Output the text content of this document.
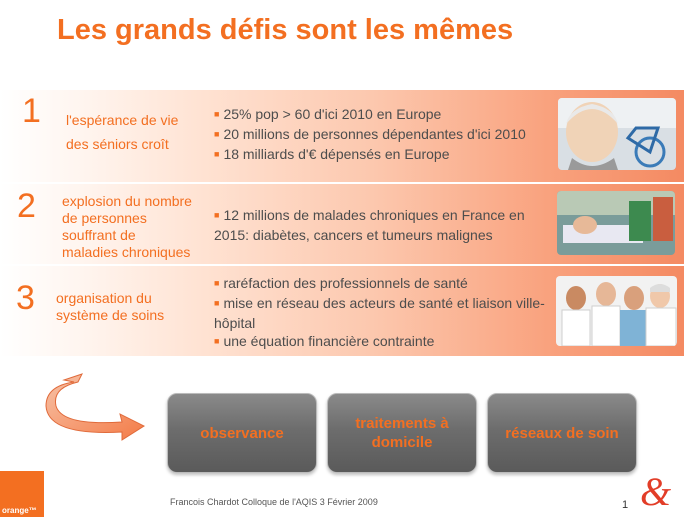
Les grands défis sont les mêmes
1 l'espérance de vie
des séniors croît
■ 25% pop > 60 d'ici 2010 en Europe
■ 20 millions de personnes dépendantes d'ici 2010
■ 18 milliards d'€ dépensés en Europe
2 explosion du nombre
de personnes
souffrant de
maladies chroniques
■ 12 millions de malades chroniques en France en 2015: diabètes, cancers et tumeurs malignes
3 organisation du
système de soins
■ raréfaction des professionnels de santé
■ mise en réseau des acteurs de santé et liaison ville-hôpital
■ une équation financière contrainte
observance
traitements à domicile
réseaux de soin
orange™
Francois Chardot Colloque de l'AQIS 3 Février 2009	1 &
